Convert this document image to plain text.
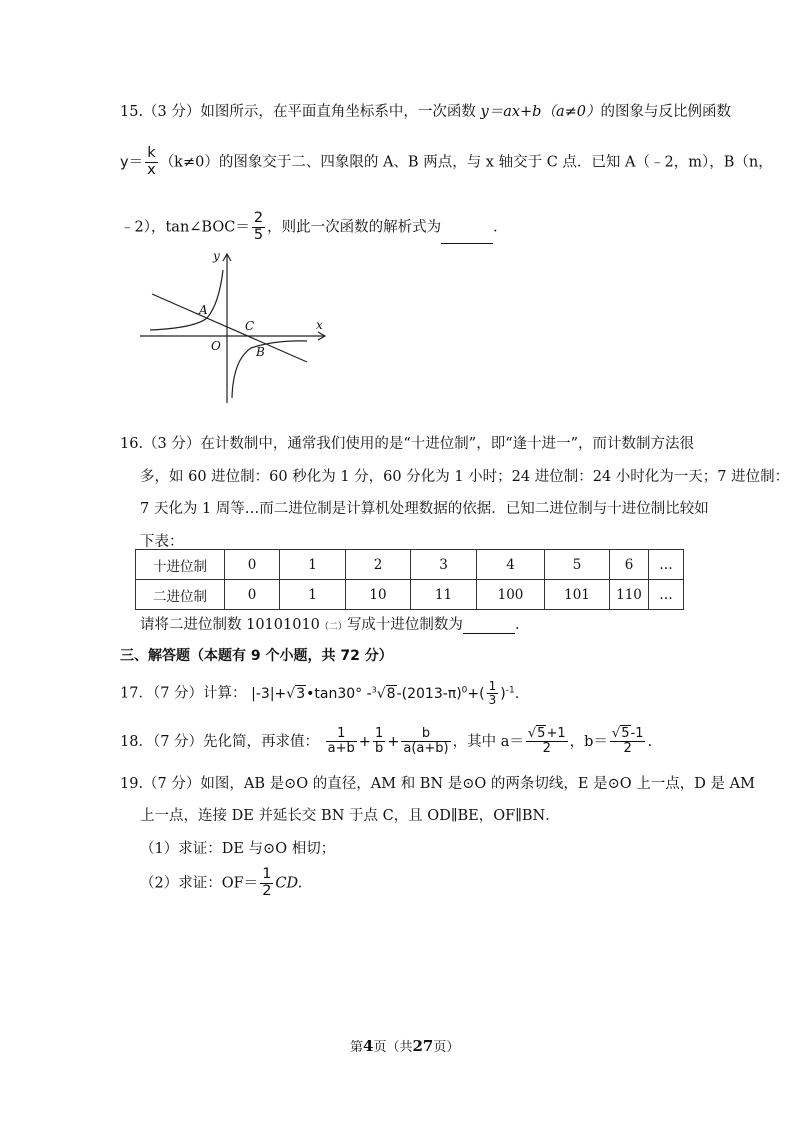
15.（3 分）如图所示，在平面直角坐标系中，一次函数 y＝ax+b（a≠0）的图象与反比例函数
$y= \frac{k}{x} (k\ne 0)$的图象交于二、四象限的 A、B 两点，与 x 轴交于 C 点．已知 A（﹣2，m），B（n，
﹣2），tan∠BOC＝ $\frac{2}{5}$ ，则此一次函数的解析式为	．
y
x
A
C
O	B
16.（3 分）在计数制中，通常我们使用的是“十进位制”，即“逢十进一”，而计数制方法很
多，如 60 进位制：60 秒化为 1 分，60 分化为 1 小时；24 进位制：24 小时化为一天；7 进位制：
7 天化为 1 周等…而二进位制是计算机处理数据的依据．已知二进位制与十进位制比较如
下表：
十进位制	0	1	2	3	4	5	6	…
二进位制	0	1	10	11	100	101	110	…
请将二进位制数 10101010（二）写成十进位制数为	．
三、解答题（本题有 9 个小题，共 72 分）
17．（7 分）计算： |-3|+√3•tan30° $-^3√8-(2013-\pi)^0+( \frac{1}{3} )^{-1}$.
18．（7 分）先化简，再求值： $\frac{1}{a+b} + \frac{1}{b} + \frac{b}{a(a+b)}$ ，其中 $a= \frac{√5+1}{2}$ ，$b= \frac{√5-1}{2}$ .
19.（7 分）如图，AB 是⊙O 的直径，AM 和 BN 是⊙O 的两条切线，E 是⊙O 上一点，D 是 AM
上一点，连接 DE 并延长交 BN 于点 C，且 OD∥BE，OF∥BN．
（1）求证：DE 与⊙O 相切；
（2）求证：$OF= \frac{1}{2}$ CD.
第4页（共27页）
